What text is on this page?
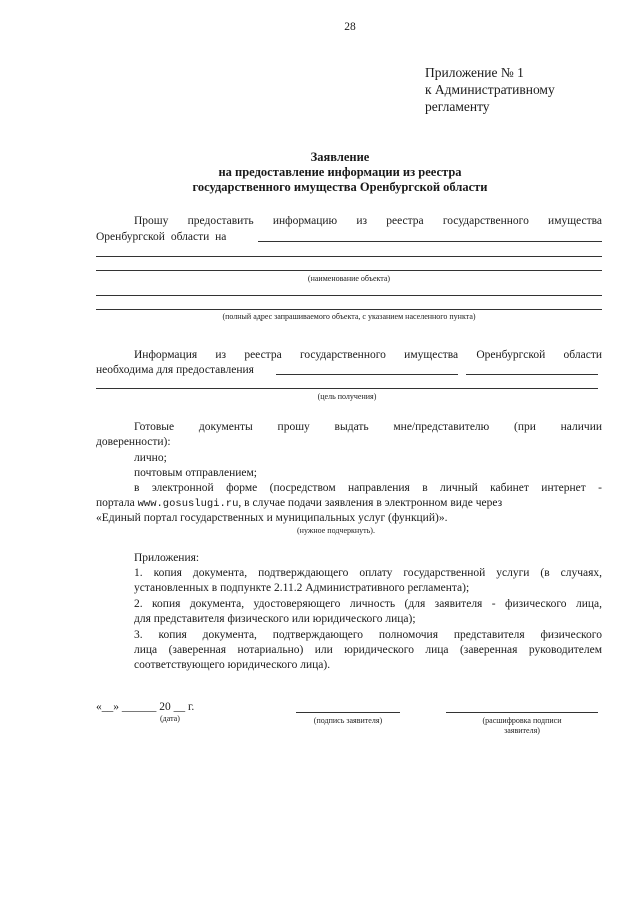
28
Приложение № 1
к Административному
регламенту
Заявление
на предоставление информации из реестра
государственного имущества Оренбургской области
Прошу предоставить информацию из реестра государственного имущества
Оренбургской области на
(наименование объекта)
(полный адрес запрашиваемого объекта, с указанием населенного пункта)
Информация из реестра государственного имущества Оренбургской области
необходима для предоставления
(цель получения)
Готовые документы прошу выдать мне/представителю (при наличии
доверенности):
лично;
почтовым отправлением;
в электронной форме (посредством направления в личный кабинет интернет -
портала www.gosuslugi.ru, в случае подачи заявления в электронном виде через
«Единый портал государственных и муниципальных услуг (функций)».
(нужное подчеркнуть).
Приложения:
1. копия документа, подтверждающего оплату государственной услуги (в случаях,
установленных в подпункте 2.11.2 Административного регламента);
2. копия документа, удостоверяющего личность (для заявителя - физического лица,
для представителя физического или юридического лица);
3. копия документа, подтверждающего полномочия представителя физического
лица (заверенная нотариально) или юридического лица (заверенная руководителем
соответствующего юридического лица).
«__» ______ 20 __ г.
(дата)	(подпись заявителя)	(расшифровка подписи
заявителя)
